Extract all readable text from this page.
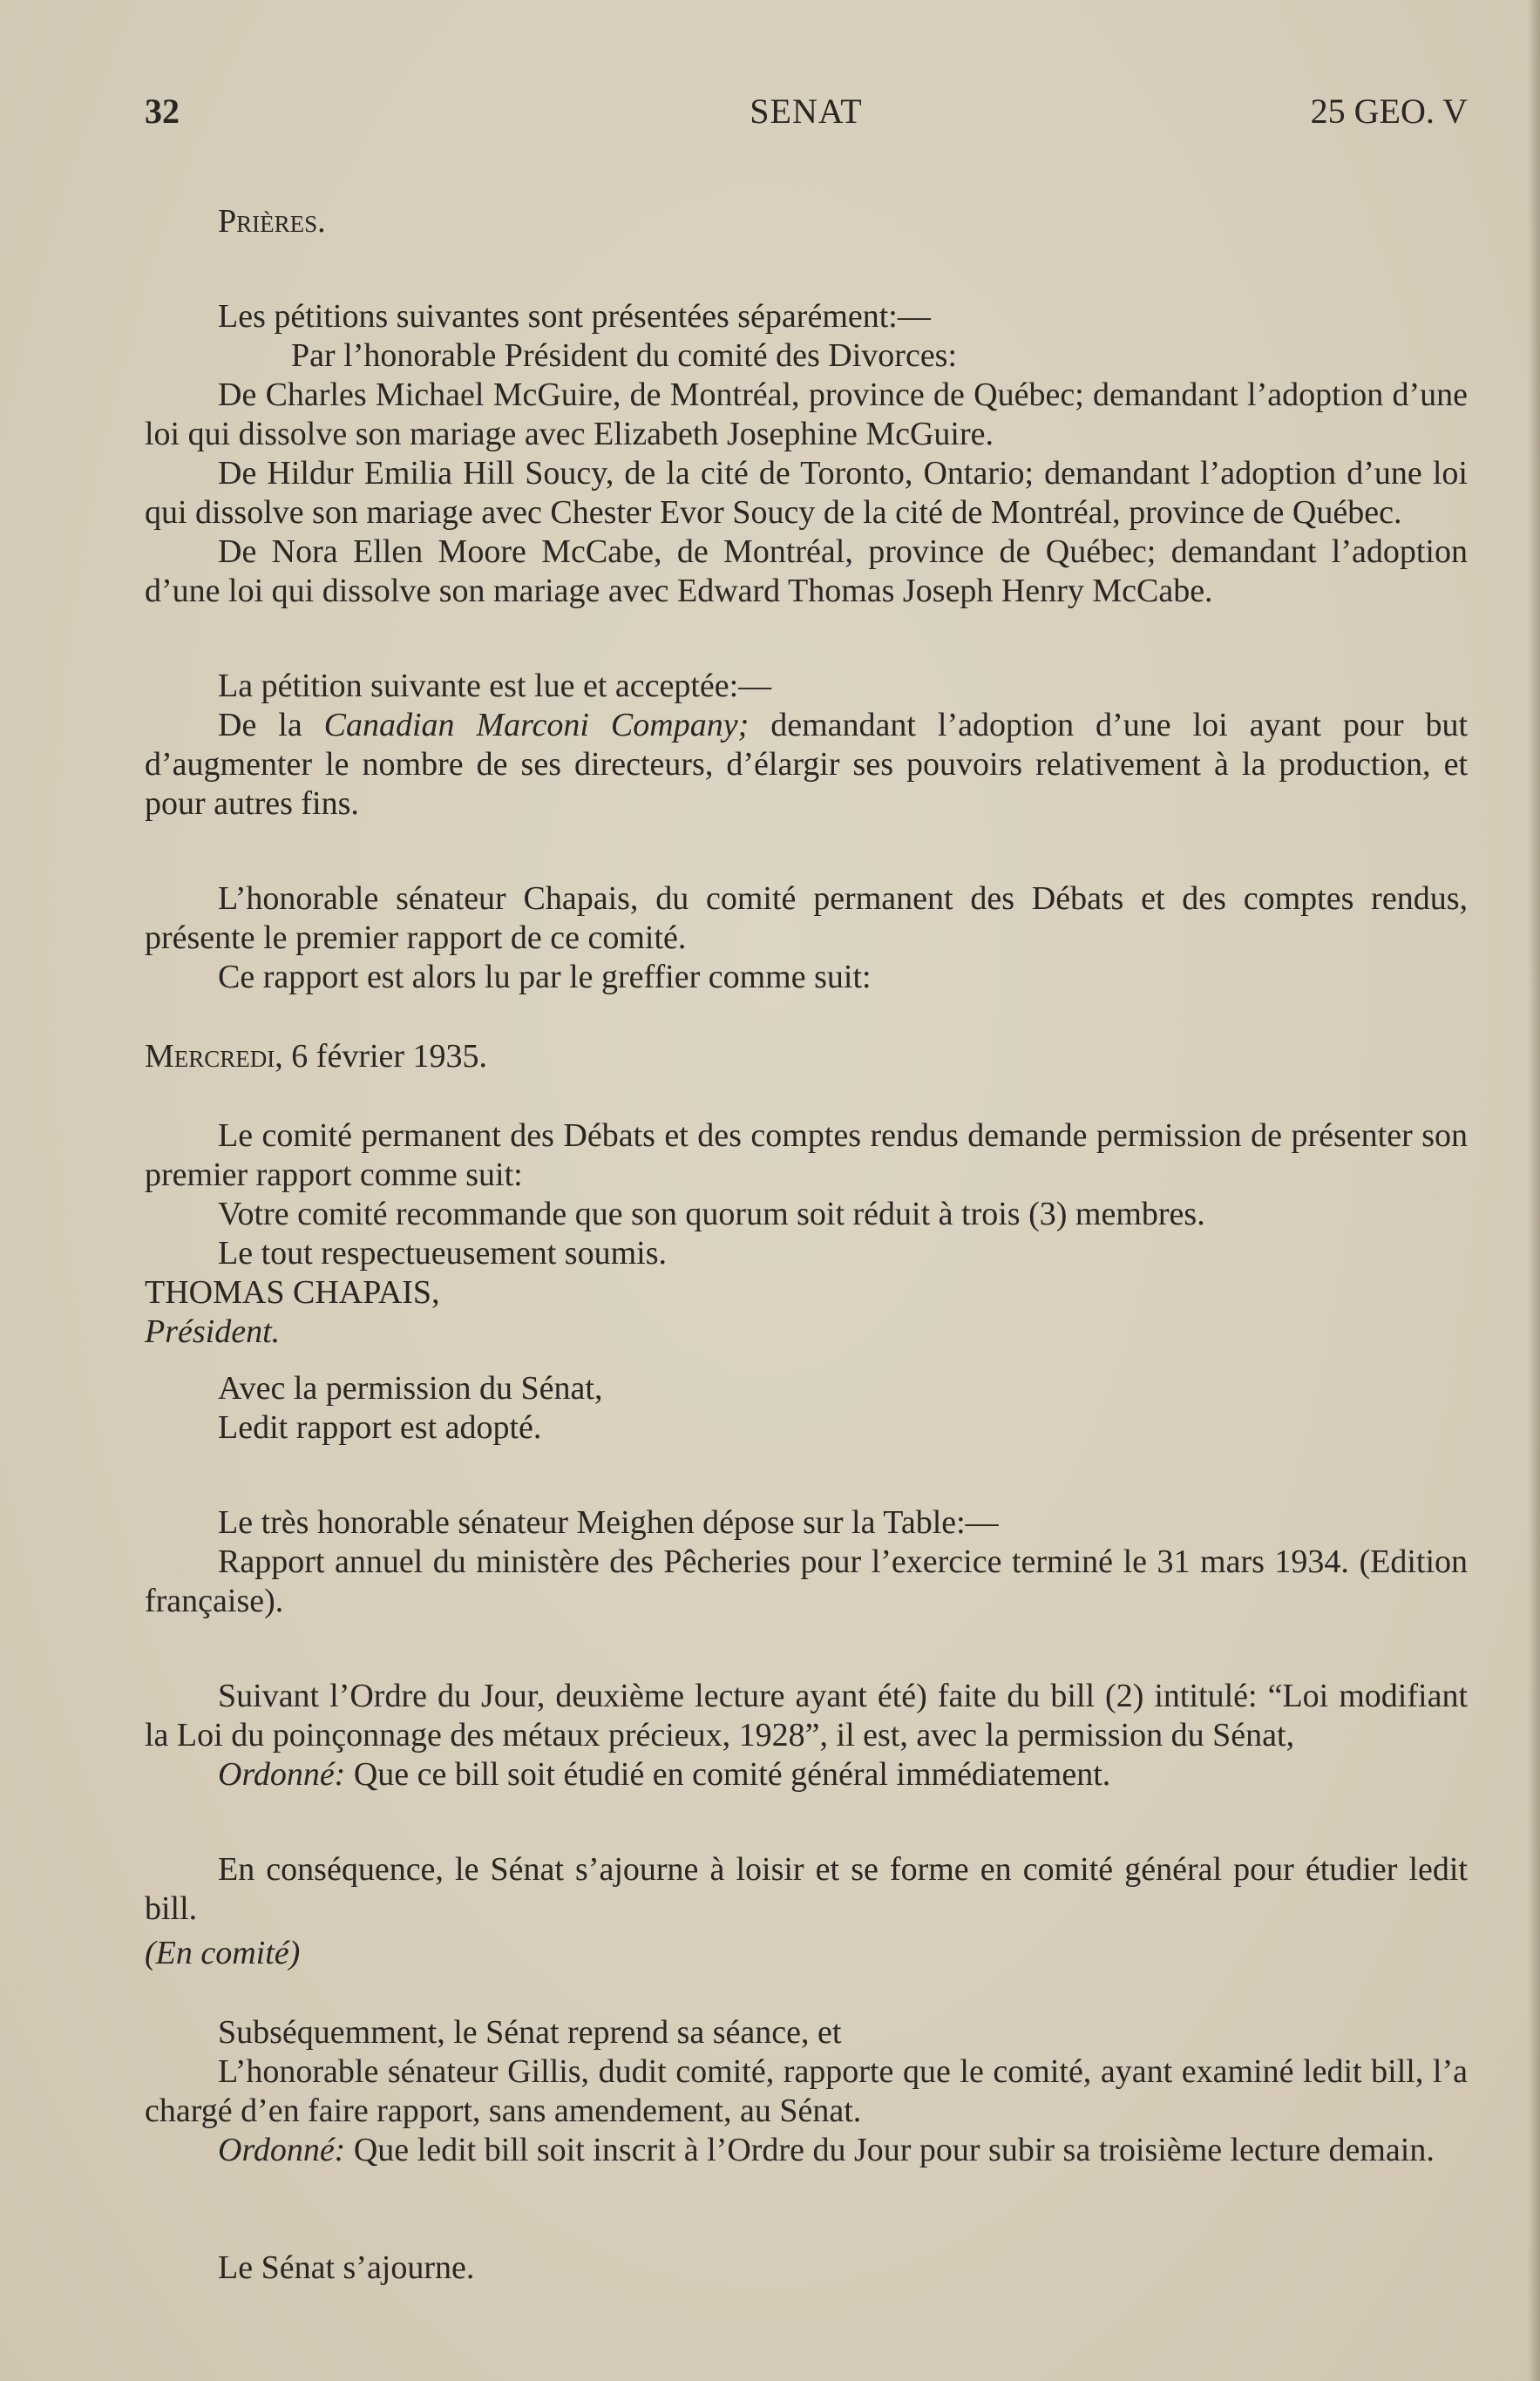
32	SENAT	25 GEO. V

Prières.

Les pétitions suivantes sont présentées séparément:—

Par l’honorable Président du comité des Divorces:

De Charles Michael McGuire, de Montréal, province de Québec; demandant l’adoption d’une loi qui dissolve son mariage avec Elizabeth Josephine McGuire.

De Hildur Emilia Hill Soucy, de la cité de Toronto, Ontario; demandant l’adoption d’une loi qui dissolve son mariage avec Chester Evor Soucy de la cité de Montréal, province de Québec.

De Nora Ellen Moore McCabe, de Montréal, province de Québec; demandant l’adoption d’une loi qui dissolve son mariage avec Edward Thomas Joseph Henry McCabe.

La pétition suivante est lue et acceptée:—

De la Canadian Marconi Company; demandant l’adoption d’une loi ayant pour but d’augmenter le nombre de ses directeurs, d’élargir ses pouvoirs relativement à la production, et pour autres fins.

L’honorable sénateur Chapais, du comité permanent des Débats et des comptes rendus, présente le premier rapport de ce comité.

Ce rapport est alors lu par le greffier comme suit:

Mercredi, 6 février 1935.

Le comité permanent des Débats et des comptes rendus demande permission de présenter son premier rapport comme suit:

Votre comité recommande que son quorum soit réduit à trois (3) membres.

Le tout respectueusement soumis.

THOMAS CHAPAIS,

Président.

Avec la permission du Sénat,

Ledit rapport est adopté.

Le très honorable sénateur Meighen dépose sur la Table:—

Rapport annuel du ministère des Pêcheries pour l’exercice terminé le 31 mars 1934. (Edition française).

Suivant l’Ordre du Jour, deuxième lecture ayant été) faite du bill (2) intitulé: “Loi modifiant la Loi du poinçonnage des métaux précieux, 1928”, il est, avec la permission du Sénat,

Ordonné: Que ce bill soit étudié en comité général immédiatement.

En conséquence, le Sénat s’ajourne à loisir et se forme en comité général pour étudier ledit bill.

(En comité)

Subséquemment, le Sénat reprend sa séance, et

L’honorable sénateur Gillis, dudit comité, rapporte que le comité, ayant examiné ledit bill, l’a chargé d’en faire rapport, sans amendement, au Sénat.

Ordonné: Que ledit bill soit inscrit à l’Ordre du Jour pour subir sa troisième lecture demain.

Le Sénat s’ajourne.
